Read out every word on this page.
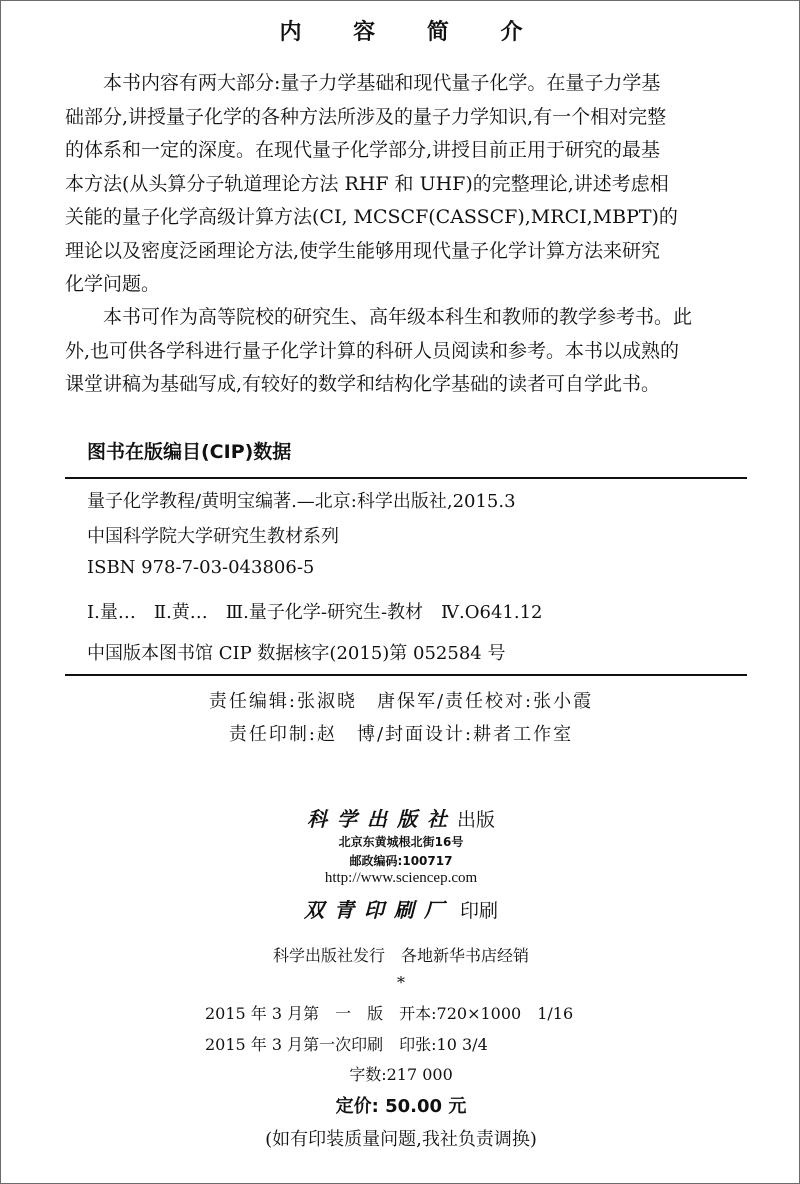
内 容 简 介
本书内容有两大部分:量子力学基础和现代量子化学。在量子力学基
础部分,讲授量子化学的各种方法所涉及的量子力学知识,有一个相对完整
的体系和一定的深度。在现代量子化学部分,讲授目前正用于研究的最基
本方法(从头算分子轨道理论方法 RHF 和 UHF)的完整理论,讲述考虑相
关能的量子化学高级计算方法(CI, MCSCF(CASSCF),MRCI,MBPT)的
理论以及密度泛函理论方法,使学生能够用现代量子化学计算方法来研究
化学问题。
本书可作为高等院校的研究生、高年级本科生和教师的教学参考书。此
外,也可供各学科进行量子化学计算的科研人员阅读和参考。本书以成熟的
课堂讲稿为基础写成,有较好的数学和结构化学基础的读者可自学此书。
图书在版编目(CIP)数据
量子化学教程/黄明宝编著.—北京:科学出版社,2015.3
中国科学院大学研究生教材系列
ISBN 978-7-03-043806-5
Ⅰ.量…　Ⅱ.黄…　Ⅲ.量子化学-研究生-教材　Ⅳ.O641.12
中国版本图书馆 CIP 数据核字(2015)第 052584 号
责任编辑:张淑晓　唐保军/责任校对:张小霞
责任印制:赵　博/封面设计:耕者工作室
科学出版社出版
北京东黄城根北街16号
邮政编码:100717
http://www.sciencep.com
双青印刷厂 印刷
科学出版社发行　各地新华书店经销
*
2015 年 3 月第　一　版　开本:720×1000　1/16
2015 年 3 月第一次印刷　印张:10 3/4
字数:217 000
定价: 50.00 元
(如有印装质量问题,我社负责调换)
